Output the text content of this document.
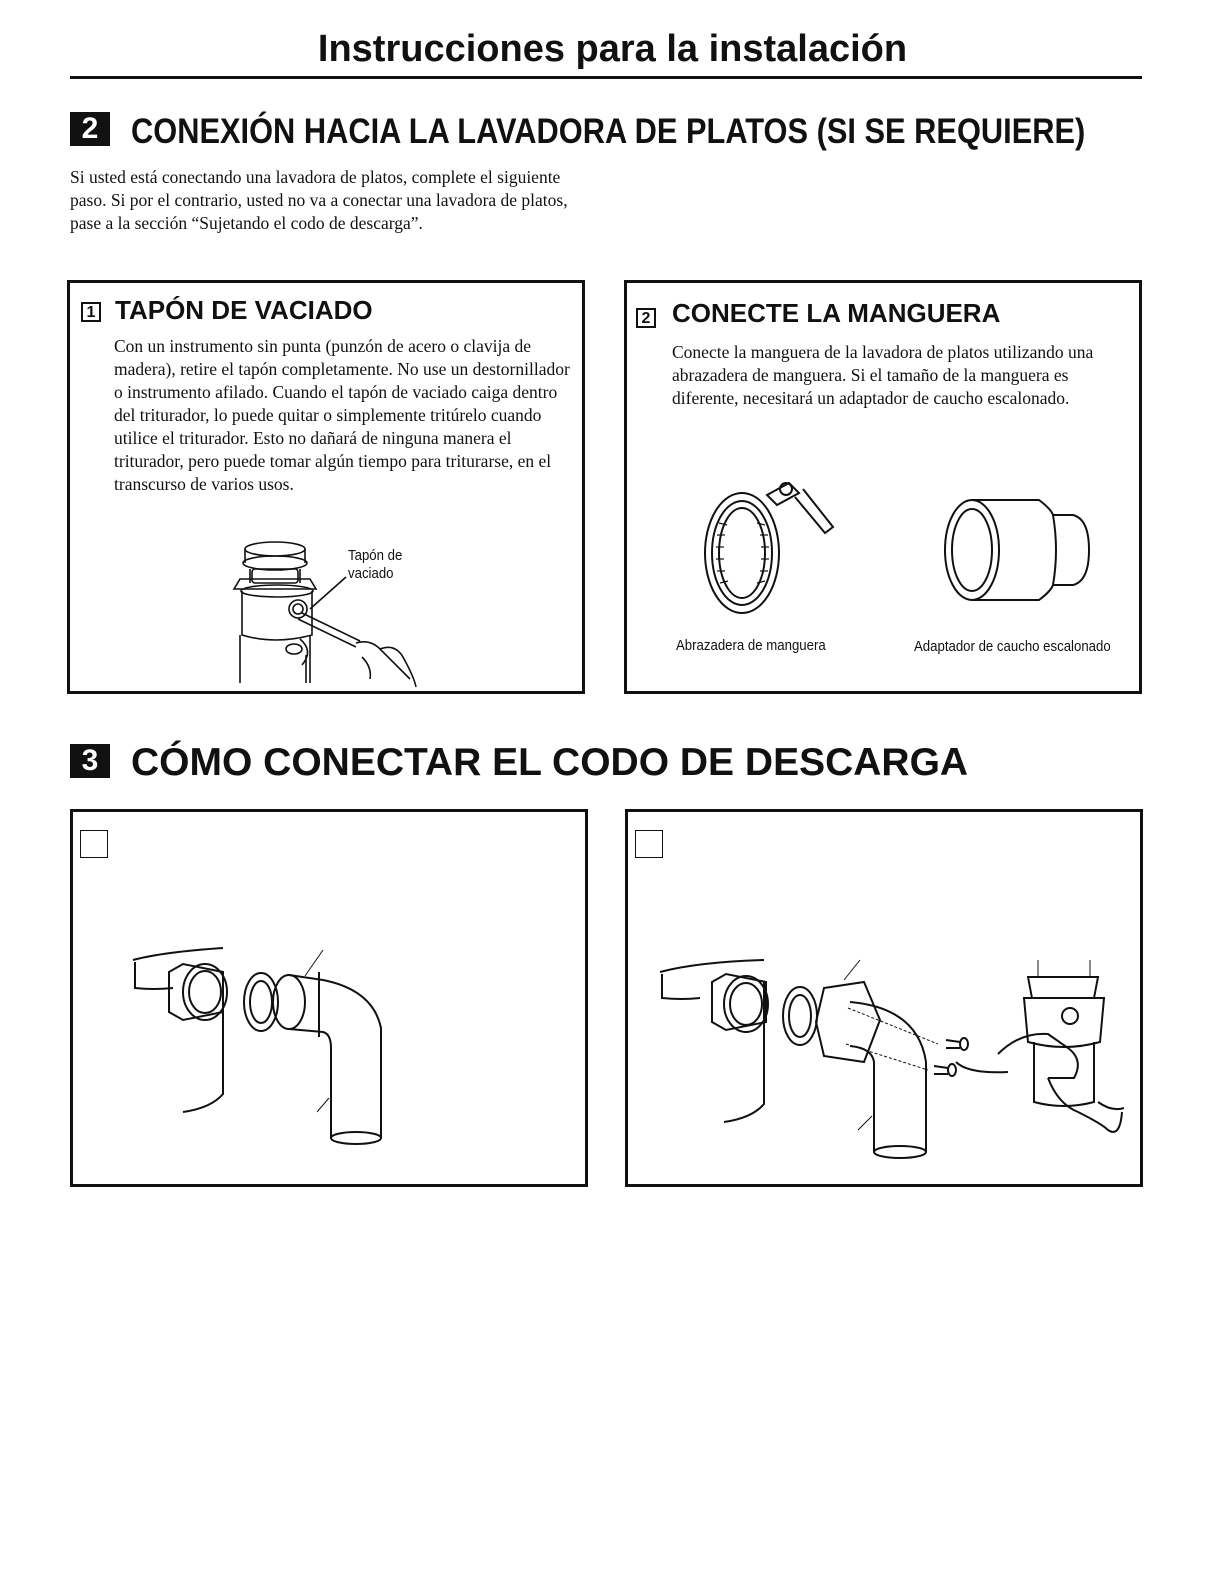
Instrucciones para la instalación
2 CONEXIÓN HACIA LA LAVADORA DE PLATOS (SI SE REQUIERE)
Si usted está conectando una lavadora de platos, complete el siguiente paso. Si por el contrario, usted no va a conectar una lavadora de platos, pase a la sección “Sujetando el codo de descarga”.
1 TAPÓN DE VACIADO
Con un instrumento sin punta (punzón de acero o clavija de madera), retire el tapón completamente. No use un destornillador o instrumento afilado. Cuando el tapón de vaciado caiga dentro del triturador, lo puede quitar o simplemente tritúrelo cuando utilice el triturador. Esto no dañará de ninguna manera el triturador, pero puede tomar algún tiempo para triturarse, en el transcurso de varios usos.
Tapón de
vaciado
2 CONECTE LA MANGUERA
Conecte la manguera de la lavadora de platos utilizando una abrazadera de manguera. Si el tamaño de la manguera es diferente, necesitará un adaptador de caucho escalonado.
Abrazadera de manguera	Adaptador de caucho escalonado
3 CÓMO CONECTAR EL CODO DE DESCARGA
